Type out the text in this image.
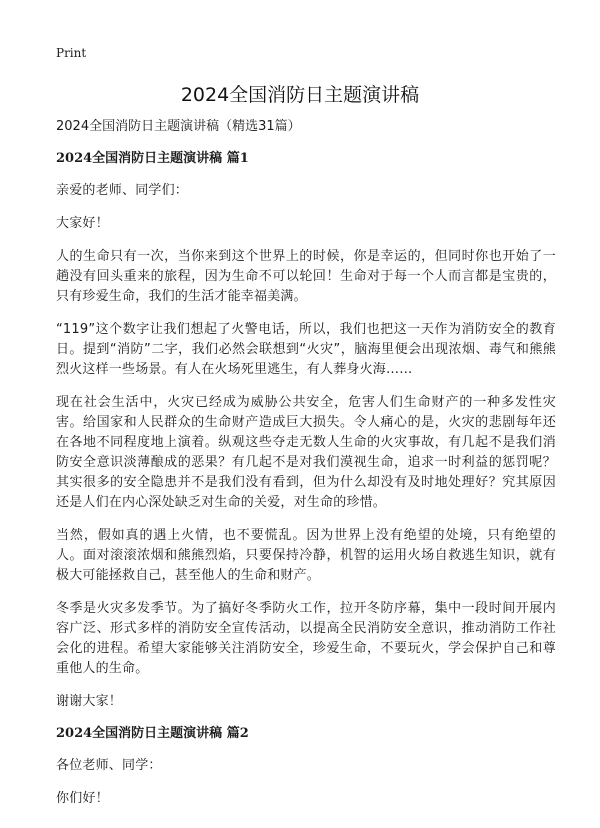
Print
2024全国消防日主题演讲稿

2024全国消防日主题演讲稿（精选31篇）

2024全国消防日主题演讲稿 篇1

亲爱的老师、同学们：

大家好！

人的生命只有一次，当你来到这个世界上的时候，你是幸运的，但同时你也开始了一趟没有回头重来的旅程，因为生命不可以轮回！生命对于每一个人而言都是宝贵的，只有珍爱生命，我们的生活才能幸福美满。

“119”这个数字让我们想起了火警电话，所以，我们也把这一天作为消防安全的教育日。提到“消防”二字，我们必然会联想到“火灾”，脑海里便会出现浓烟、毒气和熊熊烈火这样一些场景。有人在火场死里逃生，有人葬身火海……

现在社会生活中，火灾已经成为威胁公共安全，危害人们生命财产的一种多发性灾害。给国家和人民群众的生命财产造成巨大损失。令人痛心的是，火灾的悲剧每年还在各地不同程度地上演着。纵观这些夺走无数人生命的火灾事故，有几起不是我们消防安全意识淡薄酿成的恶果？有几起不是对我们漠视生命，追求一时利益的惩罚呢？其实很多的安全隐患并不是我们没有看到，但为什么却没有及时地处理好？究其原因还是人们在内心深处缺乏对生命的关爱，对生命的珍惜。

当然，假如真的遇上火情，也不要慌乱。因为世界上没有绝望的处境，只有绝望的人。面对滚滚浓烟和熊熊烈焰，只要保持冷静，机智的运用火场自救逃生知识，就有极大可能拯救自己，甚至他人的生命和财产。

冬季是火灾多发季节。为了搞好冬季防火工作，拉开冬防序幕，集中一段时间开展内容广泛、形式多样的消防安全宣传活动，以提高全民消防安全意识，推动消防工作社会化的进程。希望大家能够关注消防安全，珍爱生命，不要玩火，学会保护自己和尊重他人的生命。

谢谢大家！

2024全国消防日主题演讲稿 篇2

各位老师、同学：

你们好！
